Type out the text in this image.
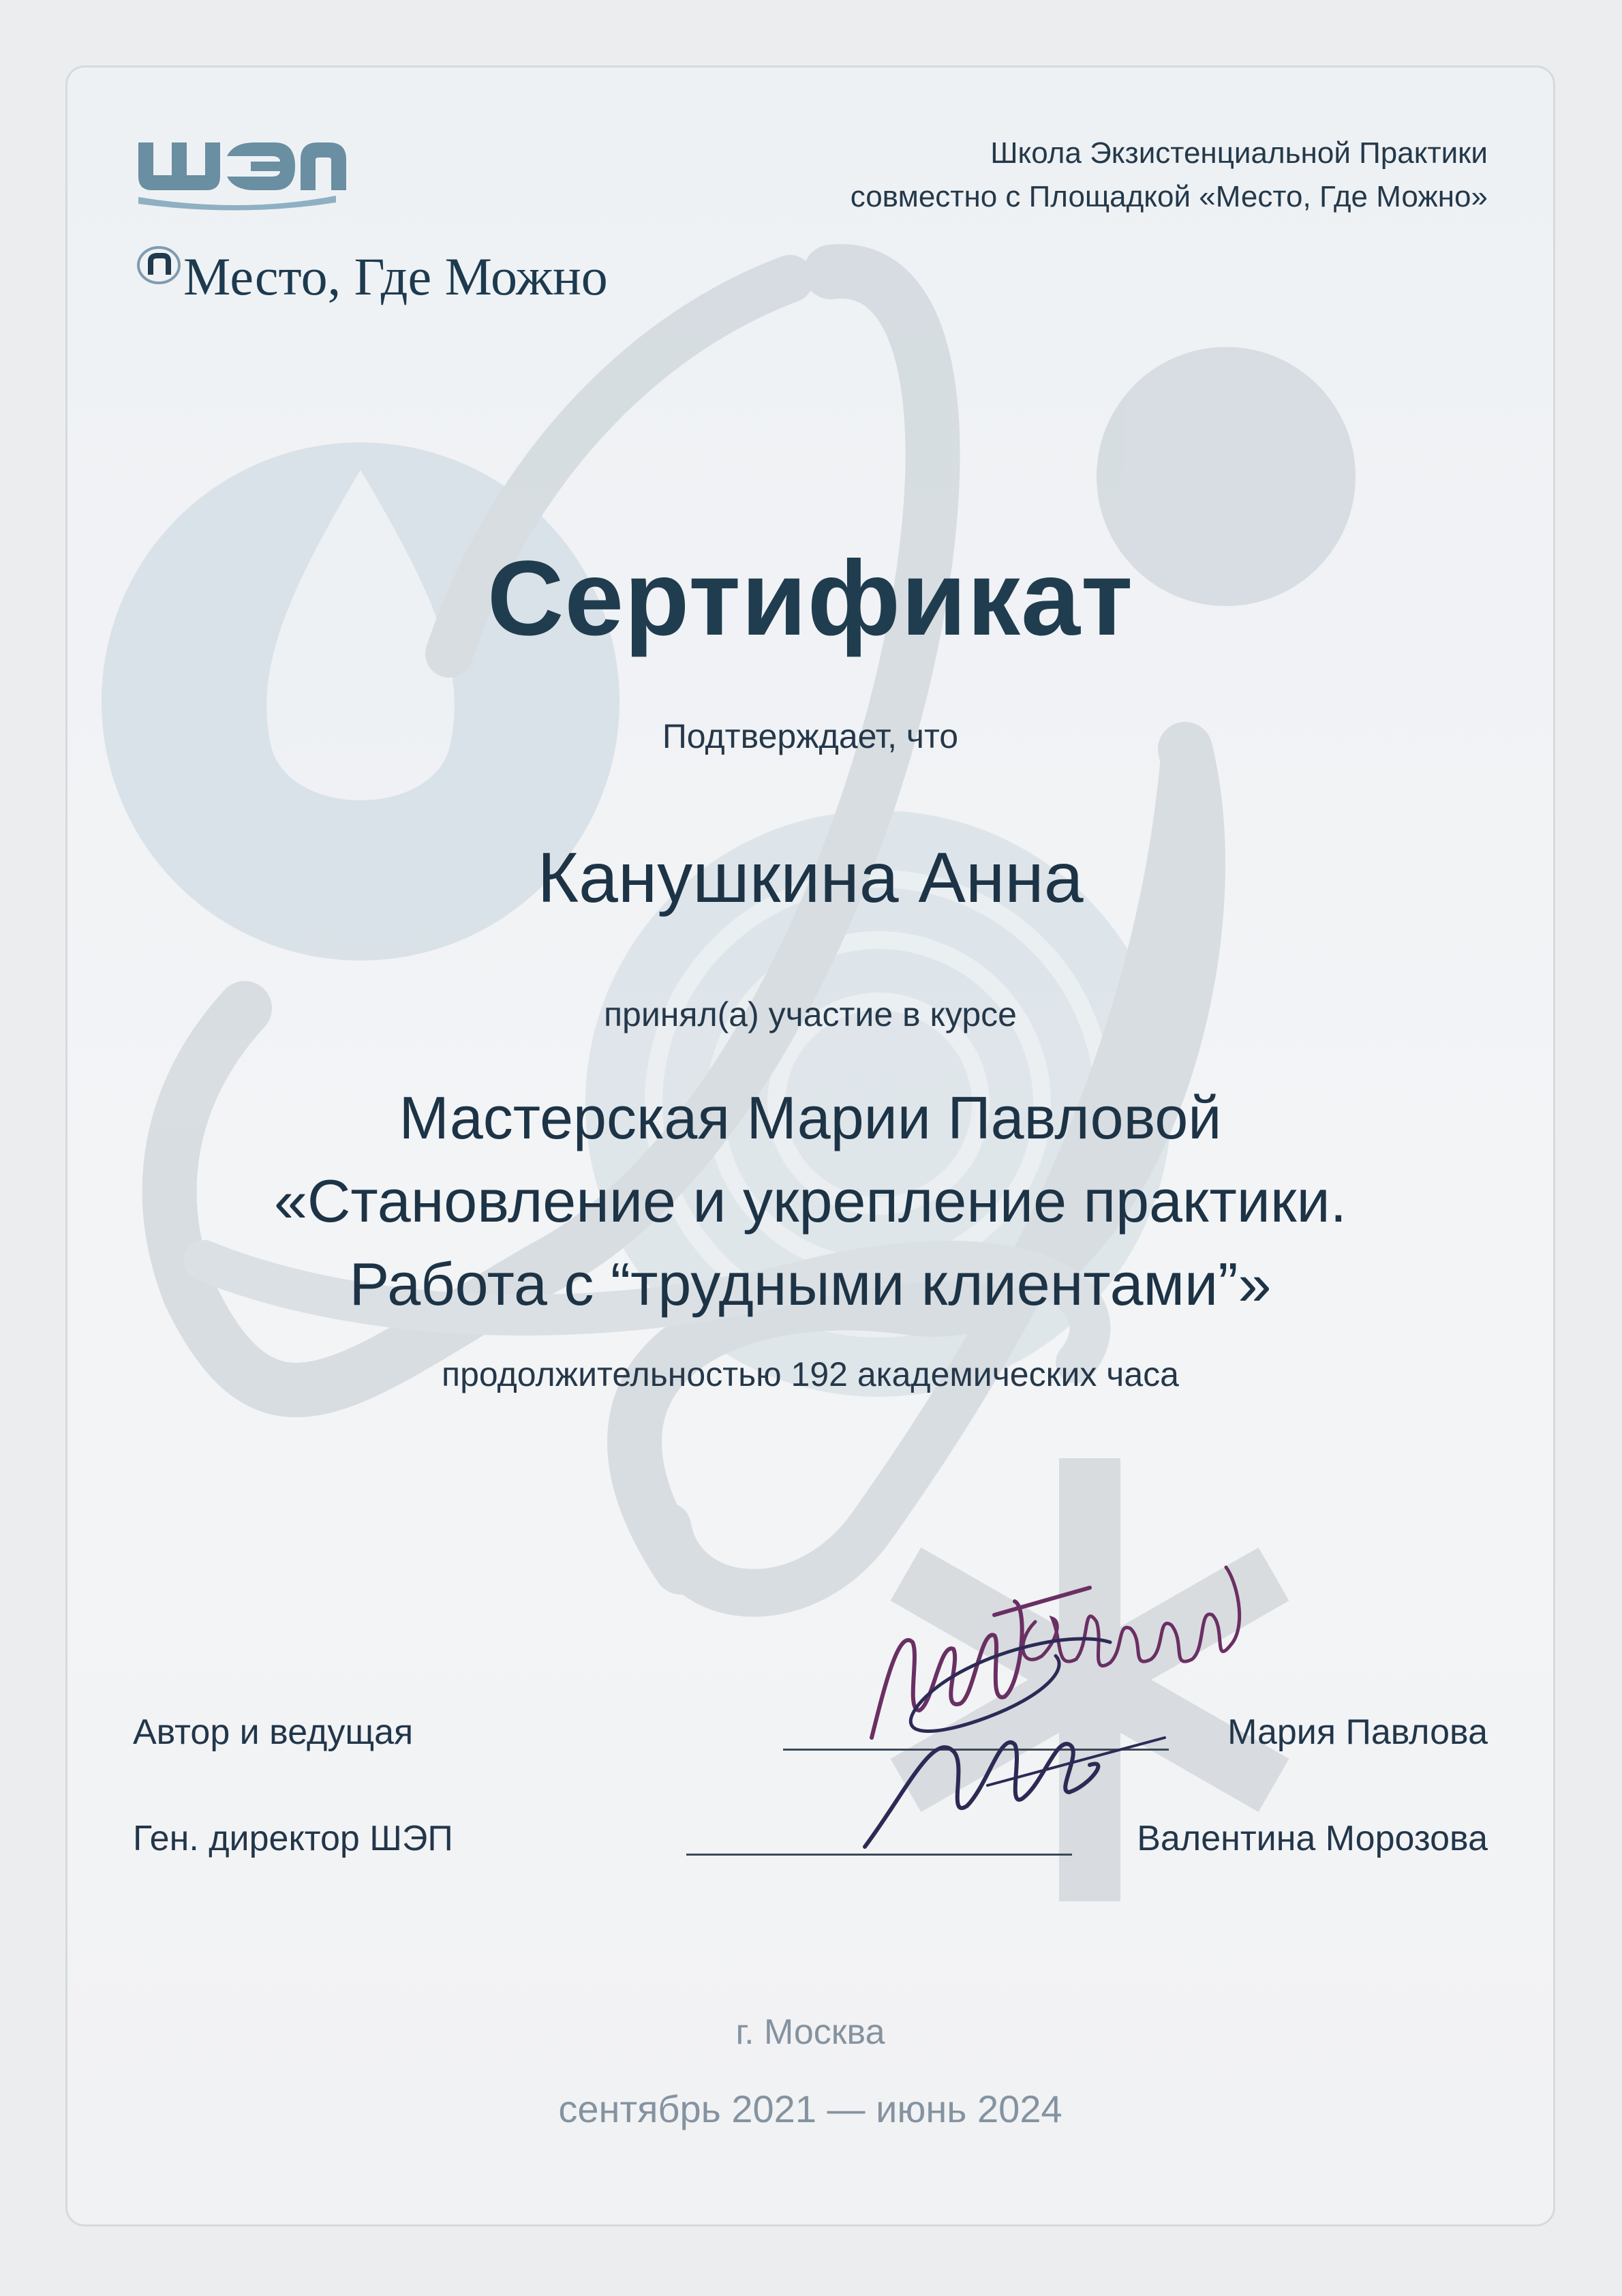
Место, Где Можно
Школа Экзистенциальной Практики
совместно с Площадкой «Место, Где Можно»
Сертификат
Подтверждает, что
Канушкина Анна
принял(а) участие в курсе
Мастерская Марии Павловой
«Становление и укрепление практики.
Работа с “трудными клиентами”»
продолжительностью 192 академических часа
Автор и ведущая	Мария Павлова
Ген. директор ШЭП	Валентина Морозова
г. Москва
сентябрь 2021 — июнь 2024
